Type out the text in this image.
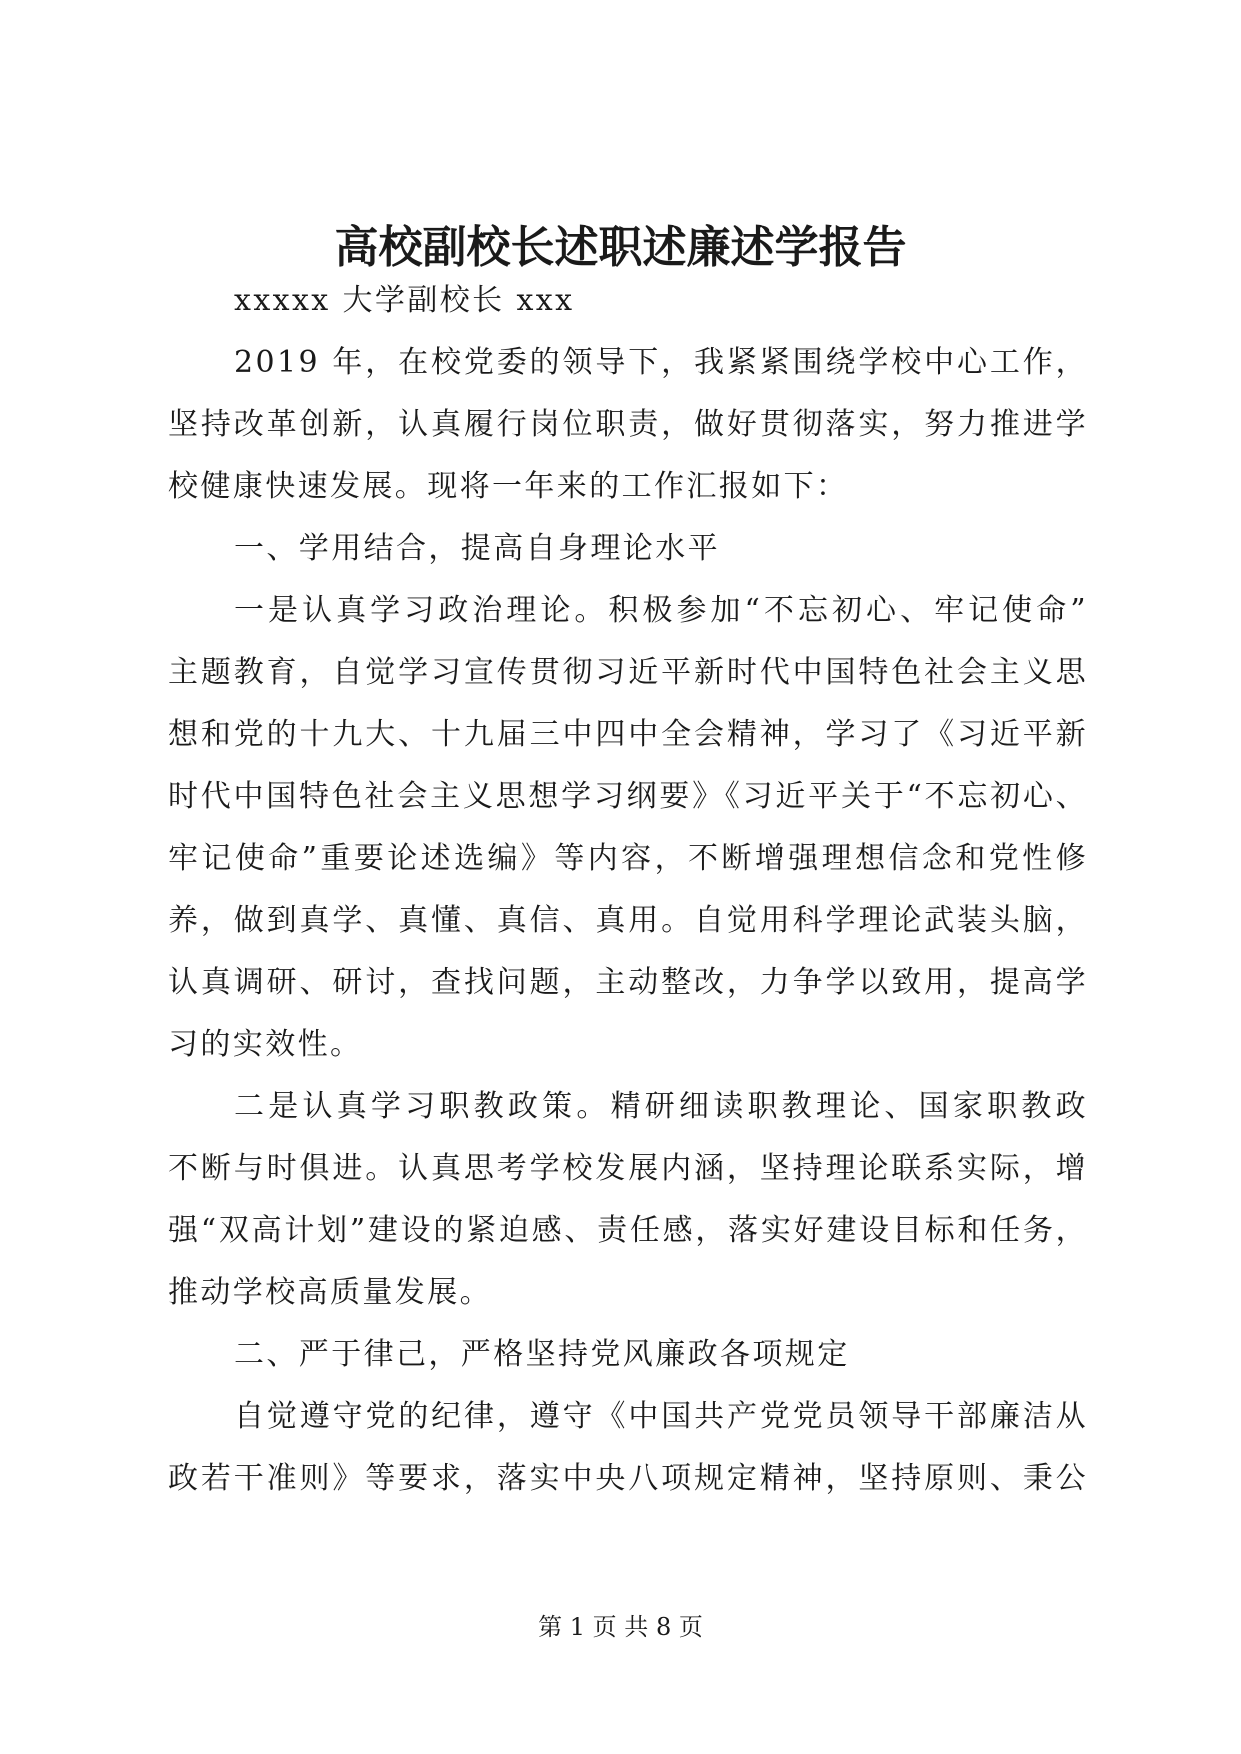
高校副校长述职述廉述学报告

xxxxx 大学副校长 xxx

2019 年，在校党委的领导下，我紧紧围绕学校中心工作，

坚持改革创新，认真履行岗位职责，做好贯彻落实，努力推进学

校健康快速发展。现将一年来的工作汇报如下：

一、学用结合，提高自身理论水平

一是认真学习政治理论。积极参加“不忘初心、牢记使命”

主题教育，自觉学习宣传贯彻习近平新时代中国特色社会主义思

想和党的十九大、十九届三中四中全会精神，学习了《习近平新

时代中国特色社会主义思想学习纲要》《习近平关于“不忘初心、

牢记使命”重要论述选编》等内容，不断增强理想信念和党性修

养，做到真学、真懂、真信、真用。自觉用科学理论武装头脑，

认真调研、研讨，查找问题，主动整改，力争学以致用，提高学

习的实效性。

二是认真学习职教政策。精研细读职教理论、国家职教政

不断与时俱进。认真思考学校发展内涵，坚持理论联系实际，增

强“双高计划”建设的紧迫感、责任感，落实好建设目标和任务，

推动学校高质量发展。

二、严于律己，严格坚持党风廉政各项规定

自觉遵守党的纪律，遵守《中国共产党党员领导干部廉洁从

政若干准则》等要求，落实中央八项规定精神，坚持原则、秉公

第 1 页 共 8 页
